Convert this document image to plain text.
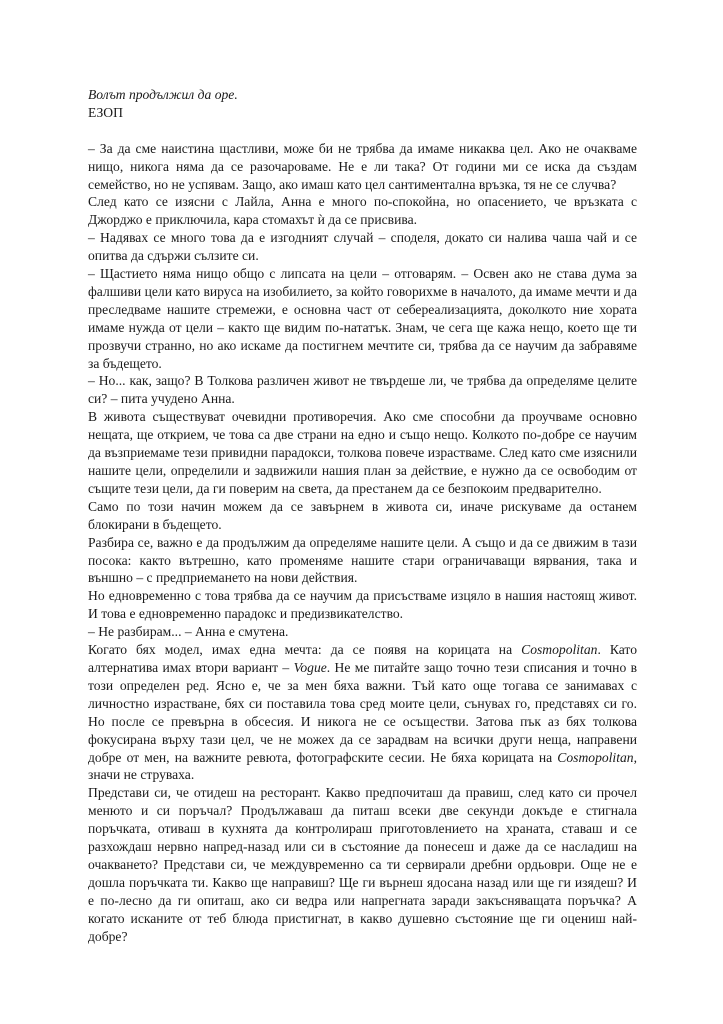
Волът продължил да оре.
ЕЗОП

– За да сме наистина щастливи, може би не трябва да имаме никаква цел. Ако не очакваме нищо, никога няма да се разочароваме. Не е ли така? От години ми се иска да създам семейство, но не успявам. Защо, ако имаш като цел сантиментална връзка, тя не се случва?

След като се изясни с Лайла, Анна е много по-спокойна, но опасението, че връзката с Джорджо е приключила, кара стомахът ѝ да се присвива.

– Надявах се много това да е изгодният случай – споделя, докато си налива чаша чай и се опитва да сдържи сълзите си.

– Щастието няма нищо общо с липсата на цели – отговарям. – Освен ако не става дума за фалшиви цели като вируса на изобилието, за който говорихме в началото, да имаме мечти и да преследваме нашите стремежи, е основна част от себереализацията, доколкото ние хората имаме нужда от цели – както ще видим по-нататък. Знам, че сега ще кажа нещо, което ще ти прозвучи странно, но ако искаме да постигнем мечтите си, трябва да се научим да забравяме за бъдещето.

– Но... как, защо? В Толкова различен живот не твърдеше ли, че трябва да определяме целите си? – пита учудено Анна.

В живота съществуват очевидни противоречия. Ако сме способни да проучваме основно нещата, ще открием, че това са две страни на едно и също нещо. Колкото по-добре се научим да възприемаме тези привидни парадокси, толкова повече израстваме. След като сме изяснили нашите цели, определили и задвижили нашия план за действие, е нужно да се освободим от същите тези цели, да ги поверим на света, да престанем да се безпокоим предварително.

Само по този начин можем да се завърнем в живота си, иначе рискуваме да останем блокирани в бъдещето.

Разбира се, важно е да продължим да определяме нашите цели. А също и да се движим в тази посока: както вътрешно, като променяме нашите стари ограничаващи вярвания, така и външно – с предприемането на нови действия.

Но едновременно с това трябва да се научим да присъстваме изцяло в нашия настоящ живот. И това е едновременно парадокс и предизвикателство.

– Не разбирам... – Анна е смутена.

Когато бях модел, имах една мечта: да се появя на корицата на Cosmopolitan. Като алтернатива имах втори вариант – Vogue. Не ме питайте защо точно тези списания и точно в този определен ред. Ясно е, че за мен бяха важни. Тъй като още тогава се занимавах с личностно израстване, бях си поставила това сред моите цели, сънувах го, представях си го. Но после се превърна в обсесия. И никога не се осъществи. Затова пък аз бях толкова фокусирана върху тази цел, че не можех да се зарадвам на всички други неща, направени добре от мен, на важните ревюта, фотографските сесии. Не бяха корицата на Cosmopolitan, значи не струваха.

Представи си, че отидеш на ресторант. Какво предпочиташ да правиш, след като си прочел менюто и си поръчал? Продължаваш да питаш всеки две секунди докъде е стигнала поръчката, отиваш в кухнята да контролираш приготовлението на храната, ставаш и се разхождаш нервно напред-назад или си в състояние да понесеш и даже да се насладиш на очакването? Представи си, че междувременно са ти сервирали дребни ордьоври. Още не е дошла поръчката ти. Какво ще направиш? Ще ги върнеш ядосана назад или ще ги изядеш? И е по-лесно да ги опиташ, ако си ведра или напрегната заради закъсняващата поръчка? А когато исканите от теб блюда пристигнат, в какво душевно състояние ще ги оцениш най-добре?
